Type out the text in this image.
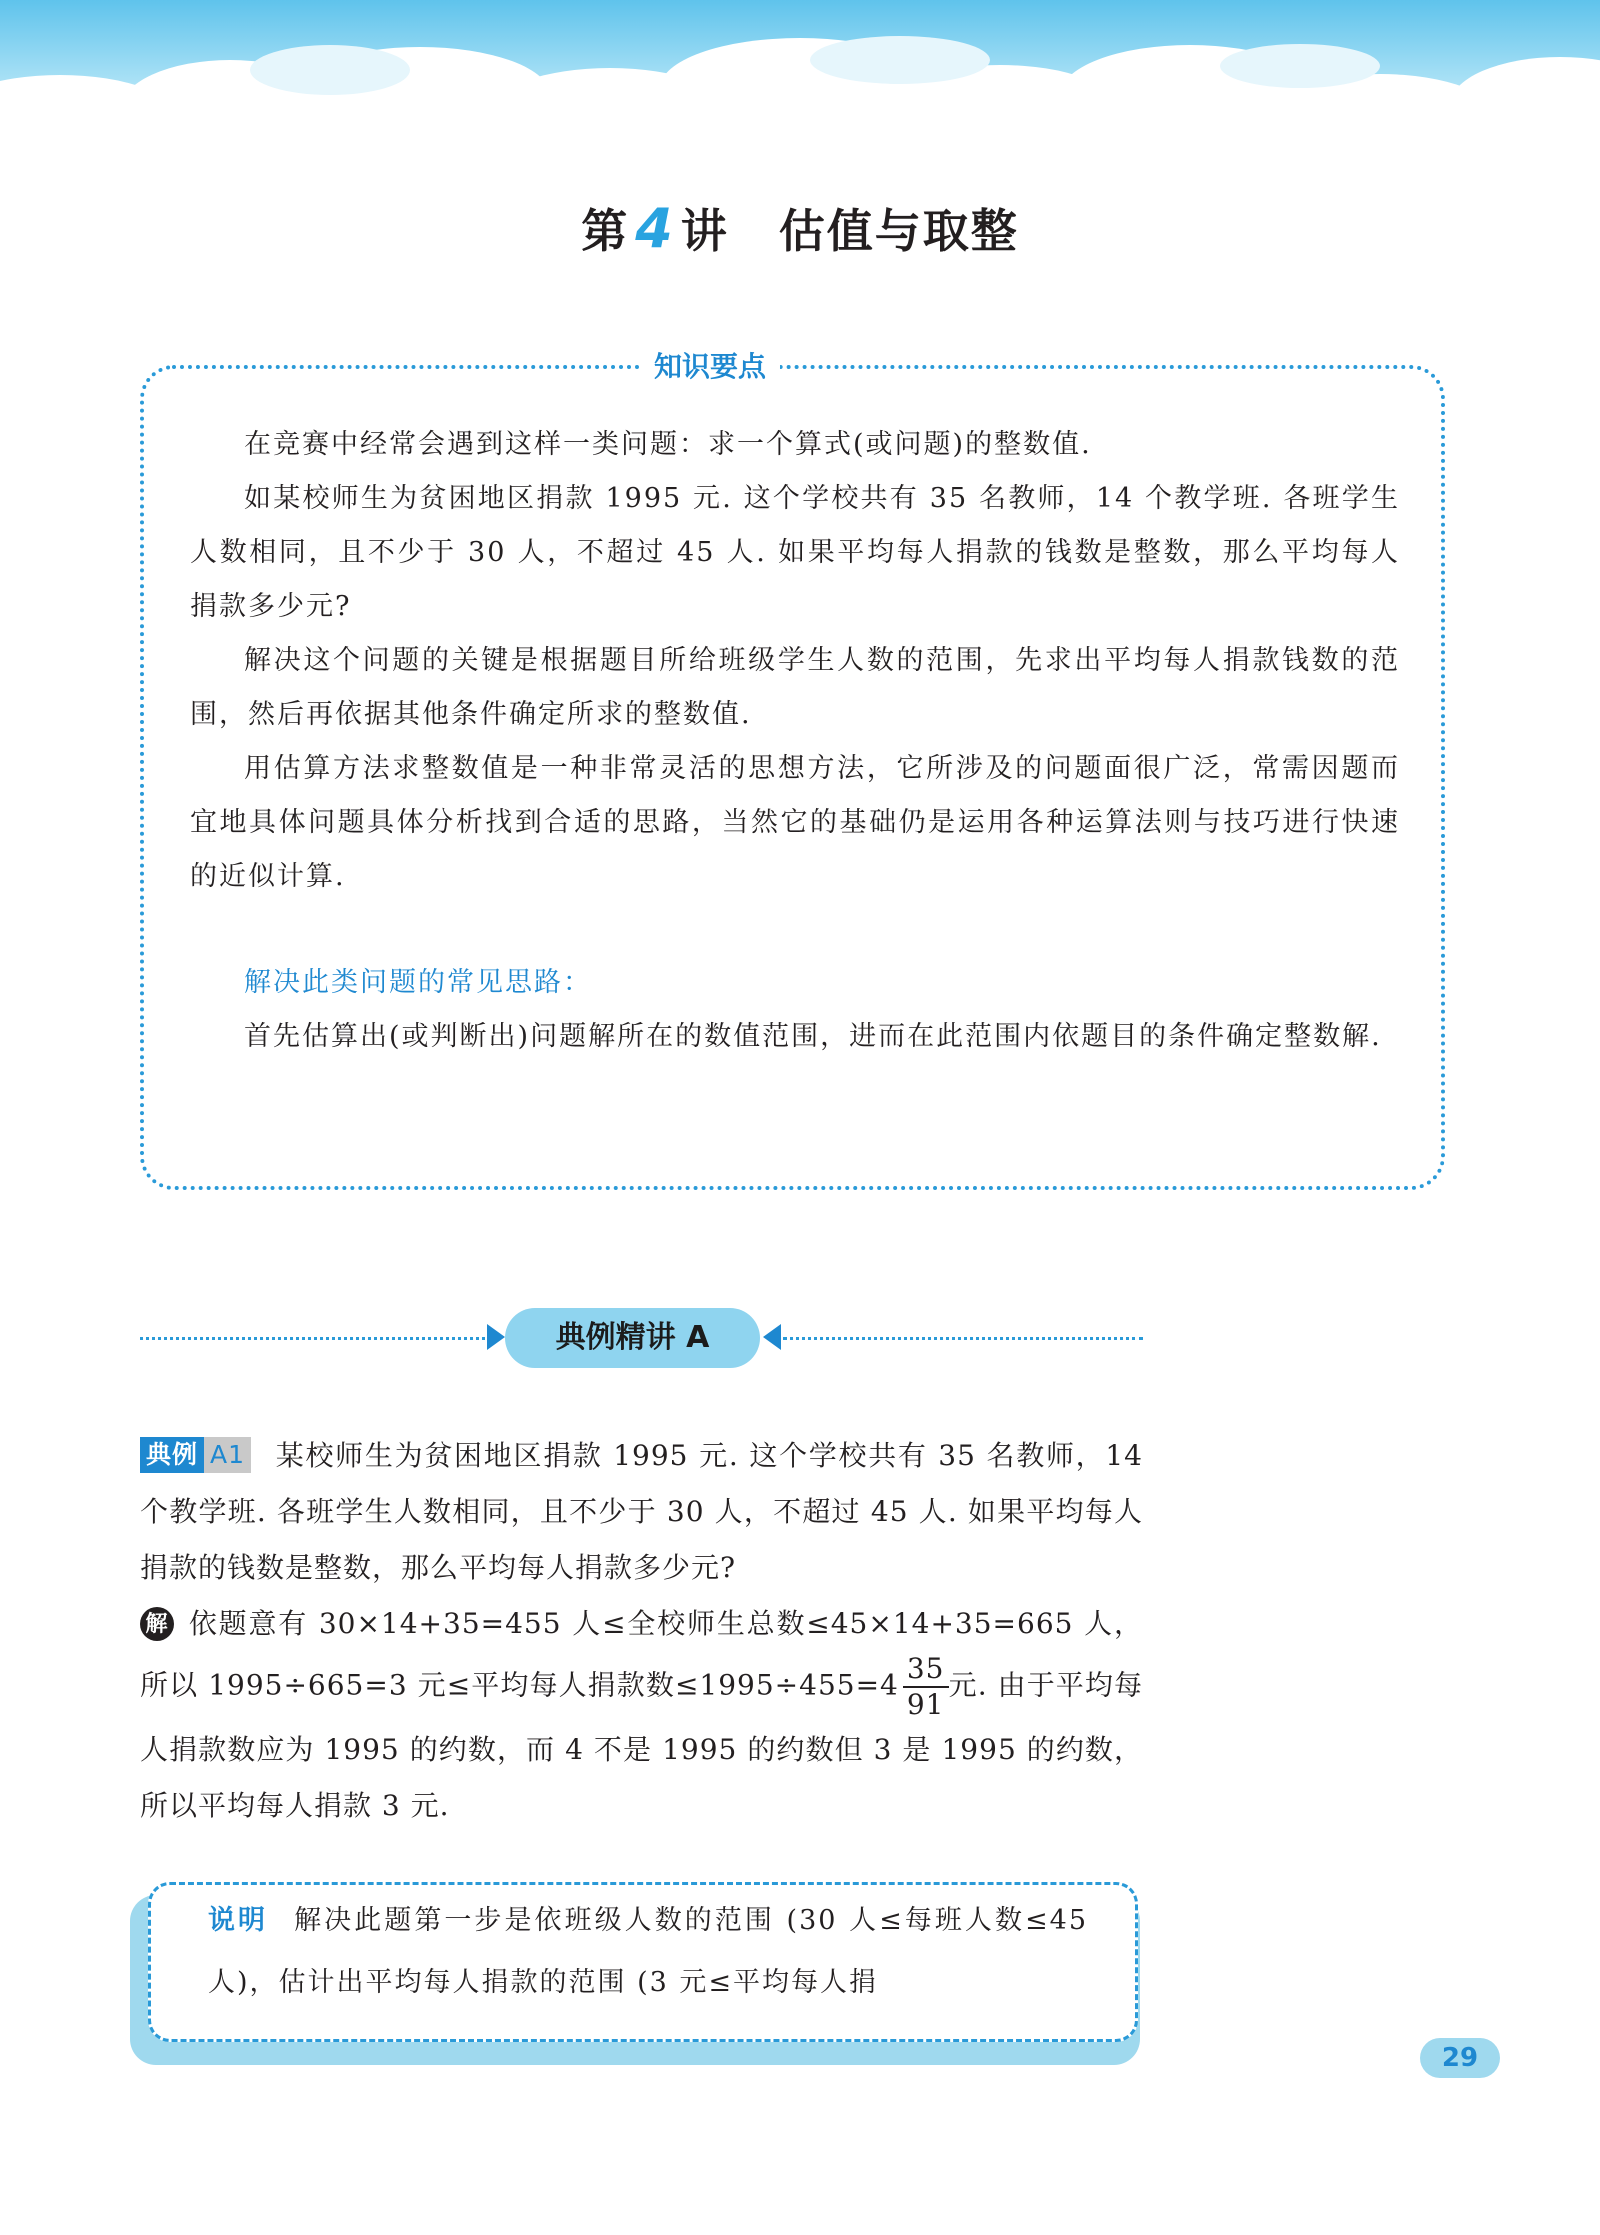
第 4 讲 估值与取整
知识要点

在竞赛中经常会遇到这样一类问题：求一个算式(或问题)的整数值.

如某校师生为贫困地区捐款 1995 元. 这个学校共有 35 名教师，14 个教学班. 各班学生人数相同，且不少于 30 人，不超过 45 人. 如果平均每人捐款的钱数是整数，那么平均每人捐款多少元?

解决这个问题的关键是根据题目所给班级学生人数的范围，先求出平均每人捐款钱数的范围，然后再依据其他条件确定所求的整数值.

用估算方法求整数值是一种非常灵活的思想方法，它所涉及的问题面很广泛，常需因题而宜地具体问题具体分析找到合适的思路，当然它的基础仍是运用各种运算法则与技巧进行快速的近似计算.

解决此类问题的常见思路：

首先估算出(或判断出)问题解所在的数值范围，进而在此范围内依题目的条件确定整数解.

典例精讲 A

典例 A1 某校师生为贫困地区捐款 1995 元. 这个学校共有 35 名教师，14 个教学班. 各班学生人数相同，且不少于 30 人，不超过 45 人. 如果平均每人捐款的钱数是整数，那么平均每人捐款多少元?

解 依题意有 30×14+35=455 人≤全校师生总数≤45×14+35=665 人，所以 1995÷665=3 元≤平均每人捐款数$\le 1995\div 455=4 \frac{35}{91}$ 元. 由于平均每人捐款数应为 1995 的约数，而 4 不是 1995 的约数但 3 是 1995 的约数，所以平均每人捐款 3 元.

说明 解决此题第一步是依班级人数的范围 (30 人≤每班人数≤45 人)，估计出平均每人捐款的范围 (3 元≤平均每人捐

29
